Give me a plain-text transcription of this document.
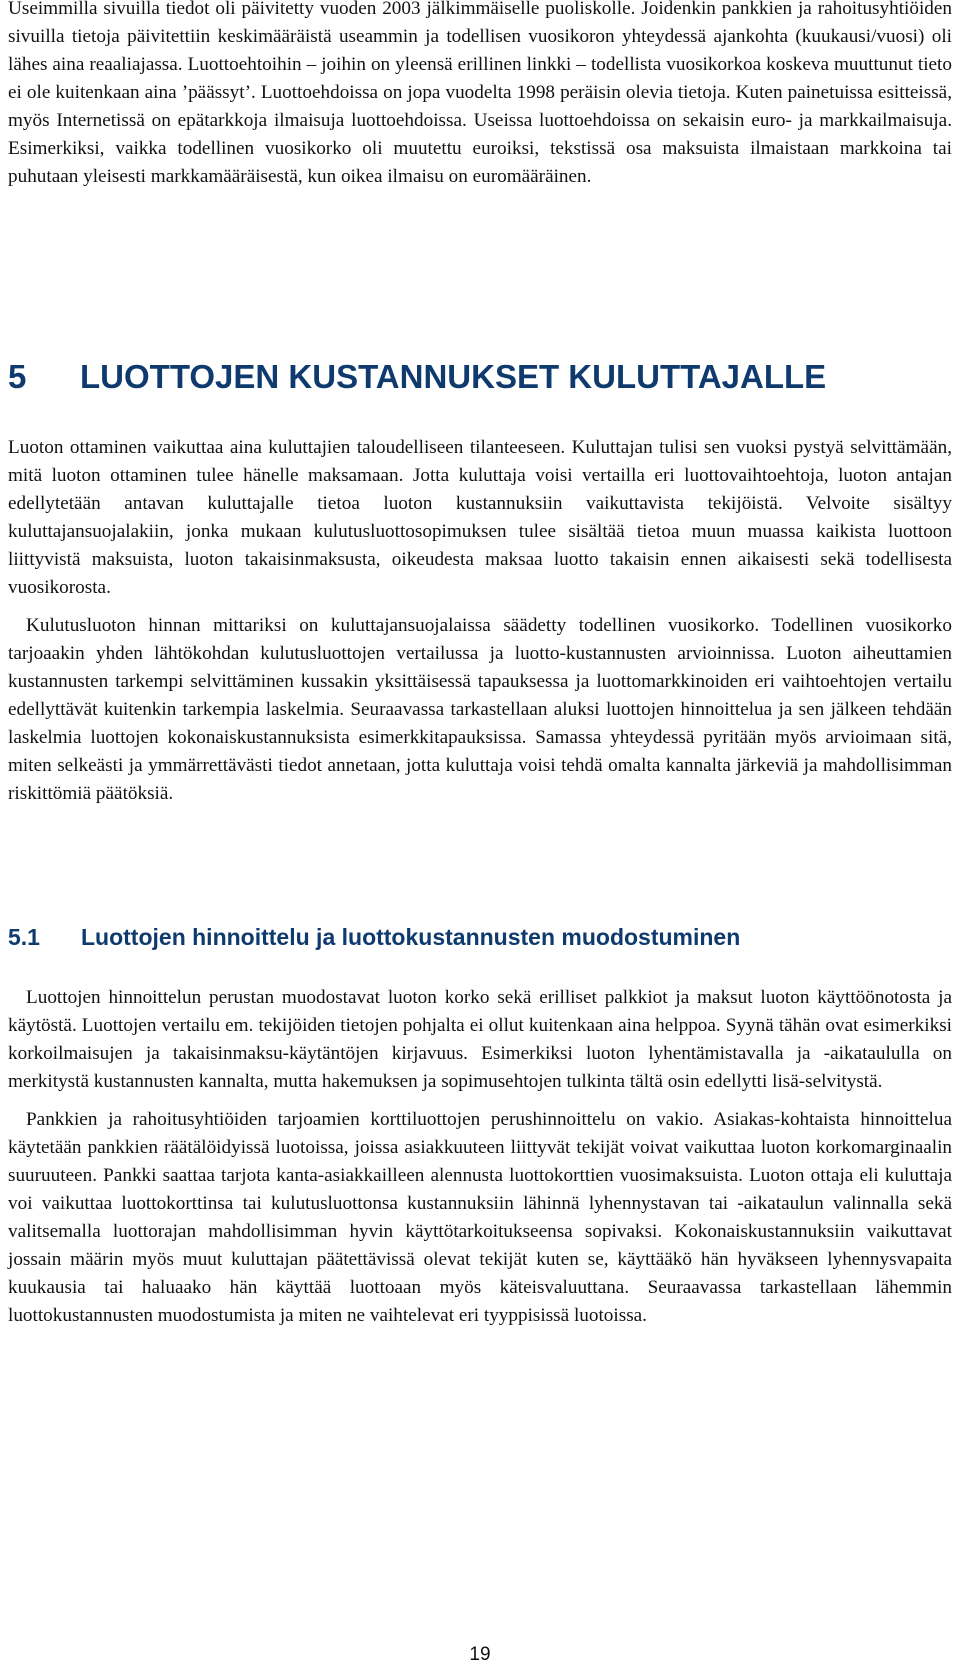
Useimmilla sivuilla tiedot oli päivitetty vuoden 2003 jälkimmäiselle puoliskolle. Joidenkin pankkien ja rahoitusyhtiöiden sivuilla tietoja päivitettiin keskimääräistä useammin ja todellisen vuosikoron yhteydessä ajankohta (kuukausi/vuosi) oli lähes aina reaaliajassa. Luottoehtoihin – joihin on yleensä erillinen linkki – todellista vuosikorkoa koskeva muuttunut tieto ei ole kuitenkaan aina ’päässyt’. Luottoehdoissa on jopa vuodelta 1998 peräisin olevia tietoja. Kuten painetuissa esitteissä, myös Internetissä on epätarkkoja ilmaisuja luottoehdoissa. Useissa luottoehdoissa on sekaisin euro- ja markkailmaisuja. Esimerkiksi, vaikka todellinen vuosikorko oli muutettu euroiksi, tekstissä osa maksuista ilmaistaan markkoina tai puhutaan yleisesti markkamääräisestä, kun oikea ilmaisu on euromääräinen.

5 LUOTTOJEN KUSTANNUKSET KULUTTAJALLE

Luoton ottaminen vaikuttaa aina kuluttajien taloudelliseen tilanteeseen. Kuluttajan tulisi sen vuoksi pystyä selvittämään, mitä luoton ottaminen tulee hänelle maksamaan. Jotta kuluttaja voisi vertailla eri luottovaihtoehtoja, luoton antajan edellytetään antavan kuluttajalle tietoa luoton kustannuksiin vaikuttavista tekijöistä. Velvoite sisältyy kuluttajansuojalakiin, jonka mukaan kulutusluottosopimuksen tulee sisältää tietoa muun muassa kaikista luottoon liittyvistä maksuista, luoton takaisinmaksusta, oikeudesta maksaa luotto takaisin ennen aikaisesti sekä todellisesta vuosikorosta.

Kulutusluoton hinnan mittariksi on kuluttajansuojalaissa säädetty todellinen vuosikorko. Todellinen vuosikorko tarjoaakin yhden lähtökohdan kulutusluottojen vertailussa ja luotto-kustannusten arvioinnissa. Luoton aiheuttamien kustannusten tarkempi selvittäminen kussakin yksittäisessä tapauksessa ja luottomarkkinoiden eri vaihtoehtojen vertailu edellyttävät kuitenkin tarkempia laskelmia. Seuraavassa tarkastellaan aluksi luottojen hinnoittelua ja sen jälkeen tehdään laskelmia luottojen kokonaiskustannuksista esimerkkitapauksissa. Samassa yhteydessä pyritään myös arvioimaan sitä, miten selkeästi ja ymmärrettävästi tiedot annetaan, jotta kuluttaja voisi tehdä omalta kannalta järkeviä ja mahdollisimman riskittömiä päätöksiä.

5.1 Luottojen hinnoittelu ja luottokustannusten muodostuminen

Luottojen hinnoittelun perustan muodostavat luoton korko sekä erilliset palkkiot ja maksut luoton käyttöönotosta ja käytöstä. Luottojen vertailu em. tekijöiden tietojen pohjalta ei ollut kuitenkaan aina helppoa. Syynä tähän ovat esimerkiksi korkoilmaisujen ja takaisinmaksu-käytäntöjen kirjavuus. Esimerkiksi luoton lyhentämistavalla ja -aikataululla on merkitystä kustannusten kannalta, mutta hakemuksen ja sopimusehtojen tulkinta tältä osin edellytti lisä-selvitystä.

Pankkien ja rahoitusyhtiöiden tarjoamien korttiluottojen perushinnoittelu on vakio. Asiakas-kohtaista hinnoittelua käytetään pankkien räätälöidyissä luotoissa, joissa asiakkuuteen liittyvät tekijät voivat vaikuttaa luoton korkomarginaalin suuruuteen. Pankki saattaa tarjota kanta-asiakkailleen alennusta luottokorttien vuosimaksuista. Luoton ottaja eli kuluttaja voi vaikuttaa luottokorttinsa tai kulutusluottonsa kustannuksiin lähinnä lyhennystavan tai -aikataulun valinnalla sekä valitsemalla luottorajan mahdollisimman hyvin käyttötarkoitukseensa sopivaksi. Kokonaiskustannuksiin vaikuttavat jossain määrin myös muut kuluttajan päätettävissä olevat tekijät kuten se, käyttääkö hän hyväkseen lyhennysvapaita kuukausia tai haluaako hän käyttää luottoaan myös käteisvaluuttana. Seuraavassa tarkastellaan lähemmin luottokustannusten muodostumista ja miten ne vaihtelevat eri tyyppisissä luotoissa.

19
